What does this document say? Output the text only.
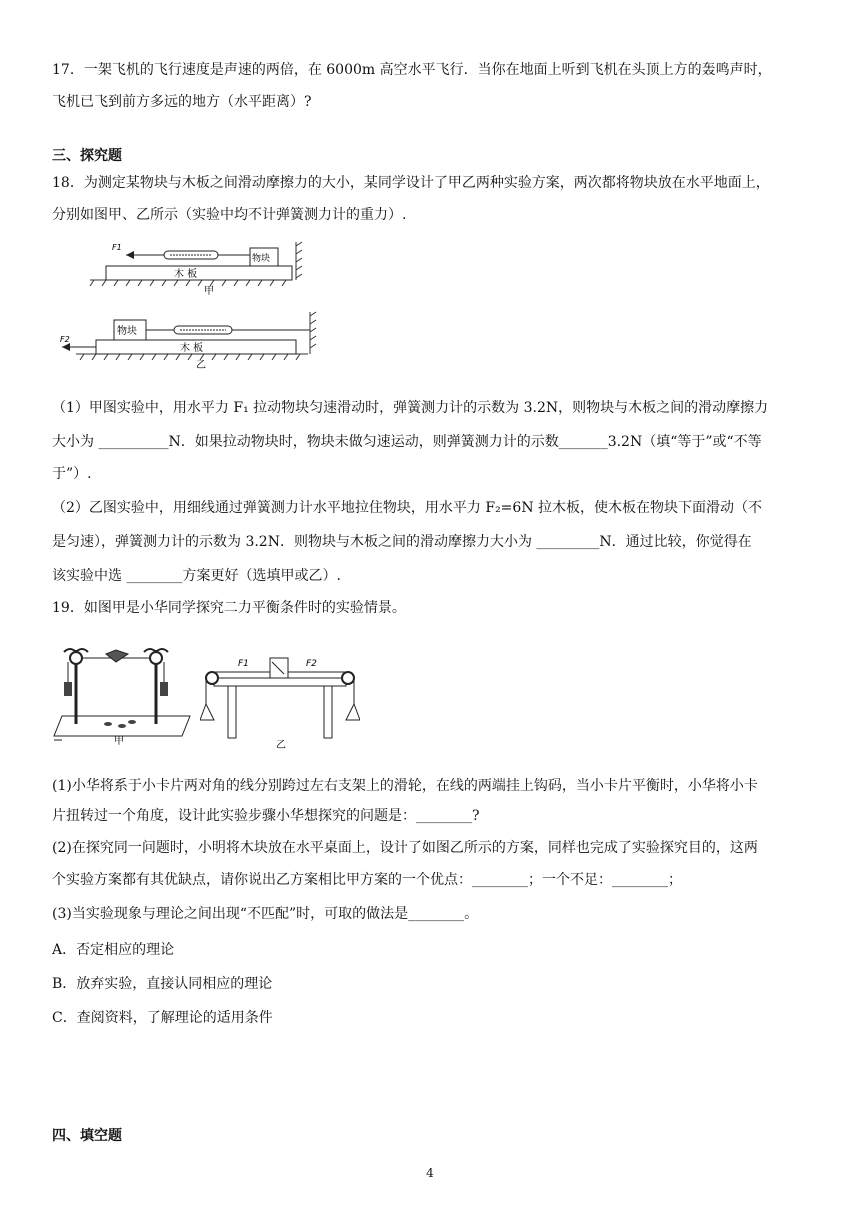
17．一架飞机的飞行速度是声速的两倍，在 6000m 高空水平飞行．当你在地面上听到飞机在头顶上方的轰鸣声时，
飞机已飞到前方多远的地方（水平距离）?
三、探究题
18．为测定某物块与木板之间滑动摩擦力的大小，某同学设计了甲乙两种实验方案，两次都将物块放在水平地面上，
分别如图甲、乙所示（实验中均不计弹簧测力计的重力）.
木 板
物块
F1
甲
木 板
物块
F2
乙
（1）甲图实验中，用水平力 F₁ 拉动物块匀速滑动时，弹簧测力计的示数为 3.2N，则物块与木板之间的滑动摩擦力
大小为 __________N．如果拉动物块时，物块未做匀速运动，则弹簧测力计的示数_______3.2N（填“等于”或“不等
于”）.
（2）乙图实验中，用细线通过弹簧测力计水平地拉住物块，用水平力 F₂=6N 拉木板，使木板在物块下面滑动（不
是匀速），弹簧测力计的示数为 3.2N．则物块与木板之间的滑动摩擦力大小为 _________N．通过比较，你觉得在
该实验中选 ________方案更好（选填甲或乙）.
19．如图甲是小华同学探究二力平衡条件时的实验情景。
甲
F1	F2
乙
(1)小华将系于小卡片两对角的线分别跨过左右支架上的滑轮，在线的两端挂上钩码，当小卡片平衡时，小华将小卡
片扭转过一个角度，设计此实验步骤小华想探究的问题是：________?
(2)在探究同一问题时，小明将木块放在水平桌面上，设计了如图乙所示的方案，同样也完成了实验探究目的，这两
个实验方案都有其优缺点，请你说出乙方案相比甲方案的一个优点：________；一个不足：________；
(3)当实验现象与理论之间出现“不匹配”时，可取的做法是________。
A．否定相应的理论
B．放弃实验，直接认同相应的理论
C．查阅资料，了解理论的适用条件
四、填空题
4
